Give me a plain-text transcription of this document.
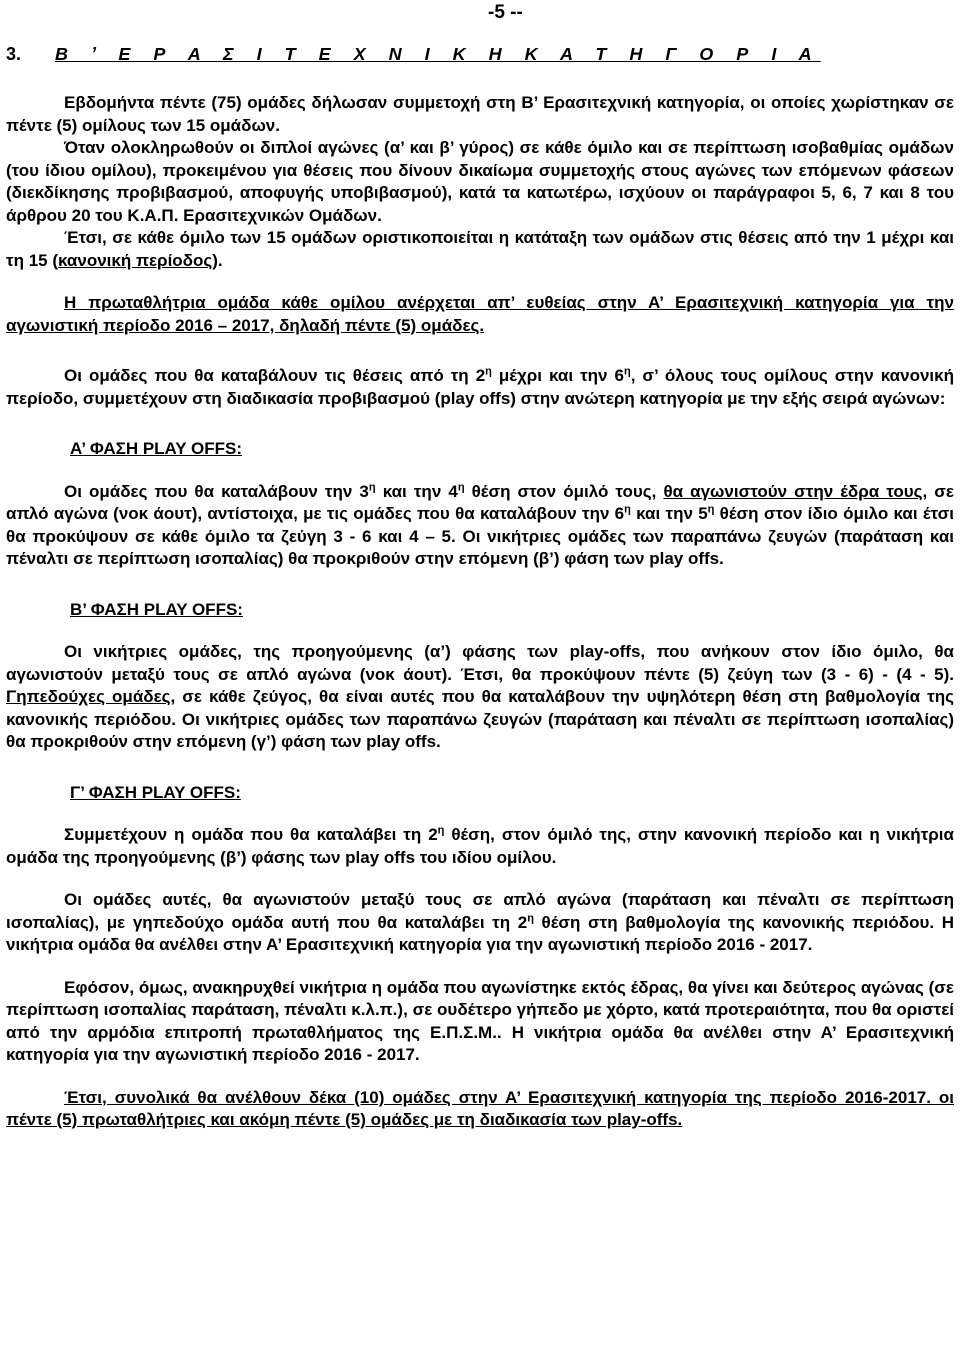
-5 --
3. Β ’ Ε Ρ Α Σ Ι Τ Ε Χ Ν Ι Κ Η Κ Α Τ Η Γ Ο Ρ Ι Α

Εβδομήντα πέντε (75) ομάδες δήλωσαν συμμετοχή στη Β’ Ερασιτεχνική κατηγορία, οι οποίες χωρίστηκαν σε πέντε (5) ομίλους των 15 ομάδων.

Όταν ολοκληρωθούν οι διπλοί αγώνες (α’ και β’ γύρος) σε κάθε όμιλο και σε περίπτωση ισοβαθμίας ομάδων (του ίδιου ομίλου), προκειμένου για θέσεις που δίνουν δικαίωμα συμμετοχής στους αγώνες των επόμενων φάσεων (διεκδίκησης προβιβασμού, αποφυγής υποβιβασμού), κατά τα κατωτέρω, ισχύουν οι παράγραφοι 5, 6, 7 και 8 του άρθρου 20 του Κ.Α.Π. Ερασιτεχνικών Ομάδων.

Έτσι, σε κάθε όμιλο των 15 ομάδων οριστικοποιείται η κατάταξη των ομάδων στις θέσεις από την 1 μέχρι και τη 15 (κανονική περίοδος).

Η πρωταθλήτρια ομάδα κάθε ομίλου ανέρχεται απ’ ευθείας στην Α’ Ερασιτεχνική κατηγορία για την αγωνιστική περίοδο 2016 – 2017, δηλαδή πέντε (5) ομάδες.

Οι ομάδες που θα καταβάλουν τις θέσεις από τη $2^\eta$ μέχρι και την $6^\eta$, σ’ όλους τους ομίλους στην κανονική περίοδο, συμμετέχουν στη διαδικασία προβιβασμού (play offs) στην ανώτερη κατηγορία με την εξής σειρά αγώνων:

Α’ ΦΑΣΗ PLAY OFFS:

Οι ομάδες που θα καταλάβουν την $3^\eta$ και την $4^\eta$ θέση στον όμιλό τους, θα αγωνιστούν στην έδρα τους, σε απλό αγώνα (νοκ άουτ), αντίστοιχα, με τις ομάδες που θα καταλάβουν την $6^\eta$ και την $5^\eta$ θέση στον ίδιο όμιλο και έτσι θα προκύψουν σε κάθε όμιλο τα ζεύγη 3 - 6 και 4 – 5. Οι νικήτριες ομάδες των παραπάνω ζευγών (παράταση και πέναλτι σε περίπτωση ισοπαλίας) θα προκριθούν στην επόμενη (β’) φάση των play offs.

Β’ ΦΑΣΗ PLAY OFFS:

Οι νικήτριες ομάδες, της προηγούμενης (α’) φάσης των play-offs, που ανήκουν στον ίδιο όμιλο, θα αγωνιστούν μεταξύ τους σε απλό αγώνα (νοκ άουτ). Έτσι, θα προκύψουν πέντε (5) ζεύγη των (3 - 6) - (4 - 5). Γηπεδούχες ομάδες, σε κάθε ζεύγος, θα είναι αυτές που θα καταλάβουν την υψηλότερη θέση στη βαθμολογία της κανονικής περιόδου. Οι νικήτριες ομάδες των παραπάνω ζευγών (παράταση και πέναλτι σε περίπτωση ισοπαλίας) θα προκριθούν στην επόμενη (γ’) φάση των play offs.

Γ’ ΦΑΣΗ PLAY OFFS:

Συμμετέχουν η ομάδα που θα καταλάβει τη $2^\eta$ θέση, στον όμιλό της, στην κανονική περίοδο και η νικήτρια ομάδα της προηγούμενης (β’) φάσης των play offs του ιδίου ομίλου.

Οι ομάδες αυτές, θα αγωνιστούν μεταξύ τους σε απλό αγώνα (παράταση και πέναλτι σε περίπτωση ισοπαλίας), με γηπεδούχο ομάδα αυτή που θα καταλάβει τη $2^\eta$ θέση στη βαθμολογία της κανονικής περιόδου. Η νικήτρια ομάδα θα ανέλθει στην Α’ Ερασιτεχνική κατηγορία για την αγωνιστική περίοδο 2016 - 2017.

Εφόσον, όμως, ανακηρυχθεί νικήτρια η ομάδα που αγωνίστηκε εκτός έδρας, θα γίνει και δεύτερος αγώνας (σε περίπτωση ισοπαλίας παράταση, πέναλτι κ.λ.π.), σε ουδέτερο γήπεδο με χόρτο, κατά προτεραιότητα, που θα οριστεί από την αρμόδια επιτροπή πρωταθλήματος της Ε.Π.Σ.Μ.. Η νικήτρια ομάδα θα ανέλθει στην Α’ Ερασιτεχνική κατηγορία για την αγωνιστική περίοδο 2016 - 2017.

Έτσι, συνολικά θα ανέλθουν δέκα (10) ομάδες στην Α’ Ερασιτεχνική κατηγορία της περίοδο 2016-2017. οι πέντε (5) πρωταθλήτριες και ακόμη πέντε (5) ομάδες με τη διαδικασία των play-offs.
